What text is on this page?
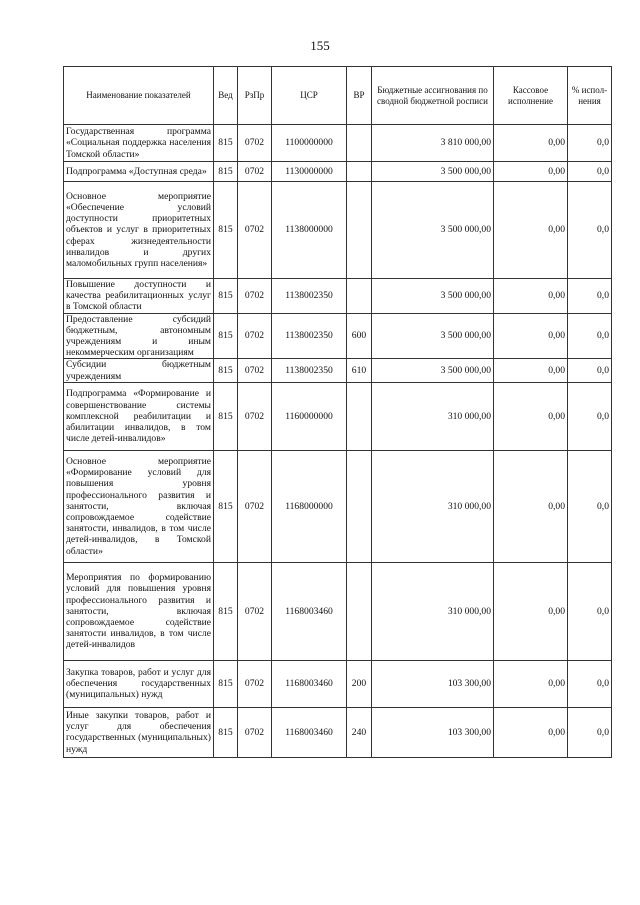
155
Наименование показателей	Вед	РзПр	ЦСР	ВР	Бюджетные ассигнования по сводной бюджетной росписи	Кассовое исполнение	% испол-нения
Государственная программа «Социальная поддержка населения Томской области»	815	0702	1100000000		3 810 000,00	0,00	0,0
Подпрограмма «Доступная среда»	815	0702	1130000000		3 500 000,00	0,00	0,0
Основное мероприятие «Обеспечение условий доступности приоритетных объектов и услуг в приоритетных сферах жизнедеятельности инвалидов и других маломобильных групп населения»	815	0702	1138000000		3 500 000,00	0,00	0,0
Повышение доступности и качества реабилитационных услуг в Томской области	815	0702	1138002350		3 500 000,00	0,00	0,0
Предоставление субсидий бюджетным, автономным учреждениям и иным некоммерческим организациям	815	0702	1138002350	600	3 500 000,00	0,00	0,0
Субсидии бюджетным учреждениям	815	0702	1138002350	610	3 500 000,00	0,00	0,0
Подпрограмма «Формирование и совершенствование системы комплексной реабилитации и абилитации инвалидов, в том числе детей-инвалидов»	815	0702	1160000000		310 000,00	0,00	0,0
Основное мероприятие «Формирование условий для повышения уровня профессионального развития и занятости, включая сопровождаемое содействие занятости, инвалидов, в том числе детей-инвалидов, в Томской области»	815	0702	1168000000		310 000,00	0,00	0,0
Мероприятия по формированию условий для повышения уровня профессионального развития и занятости, включая сопровождаемое содействие занятости инвалидов, в том числе детей-инвалидов	815	0702	1168003460		310 000,00	0,00	0,0
Закупка товаров, работ и услуг для обеспечения государственных (муниципальных) нужд	815	0702	1168003460	200	103 300,00	0,00	0,0
Иные закупки товаров, работ и услуг для обеспечения государственных (муниципальных) нужд	815	0702	1168003460	240	103 300,00	0,00	0,0
